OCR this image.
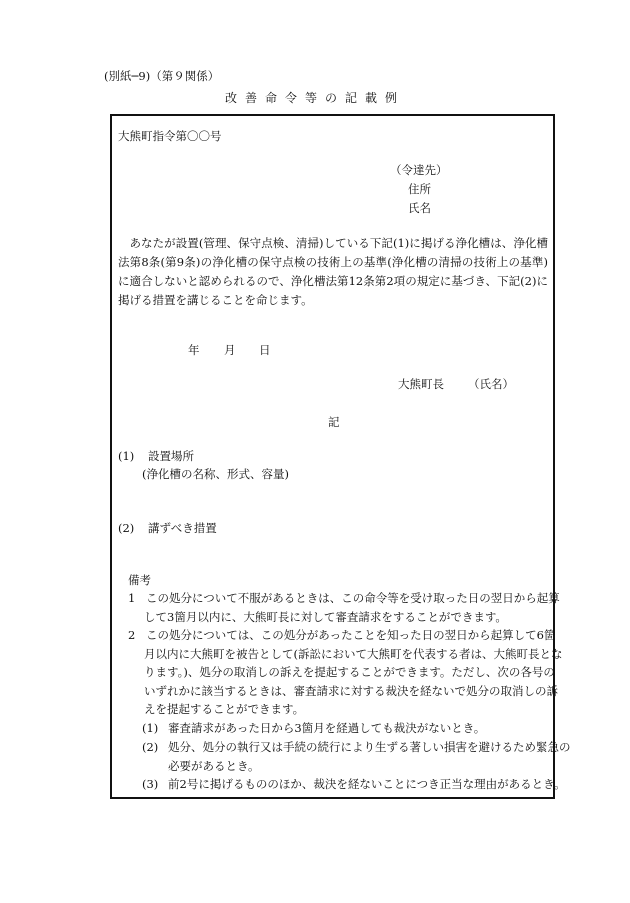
(別紙─9)（第９関係）
改善命令等の記載例
大熊町指令第〇〇号
（令達先）
住所
氏名

あなたが設置(管理、保守点検、清掃)している下記(1)に掲げる浄化槽は、浄化槽法第8条(第9条)の浄化槽の保守点検の技術上の基準(浄化槽の清掃の技術上の基準)に適合しないと認められるので、浄化槽法第12条第2項の規定に基づき、下記(2)に掲げる措置を講じることを命じます。

年 月 日
大熊町長 （氏名）
記
(1) 設置場所
(浄化槽の名称、形式、容量)
(2) 講ずべき措置
備考
1 この処分について不服があるときは、この命令等を受け取った日の翌日から起算して3箇月以内に、大熊町長に対して審査請求をすることができます。
2 この処分については、この処分があったことを知った日の翌日から起算して6箇月以内に大熊町を被告として(訴訟において大熊町を代表する者は、大熊町長となります。)、処分の取消しの訴えを提起することができます。ただし、次の各号のいずれかに該当するときは、審査請求に対する裁決を経ないで処分の取消しの訴えを提起することができます。
(1) 審査請求があった日から3箇月を経過しても裁決がないとき。
(2) 処分、処分の執行又は手続の続行により生ずる著しい損害を避けるため緊急の必要があるとき。
(3) 前2号に掲げるもののほか、裁決を経ないことにつき正当な理由があるとき。
